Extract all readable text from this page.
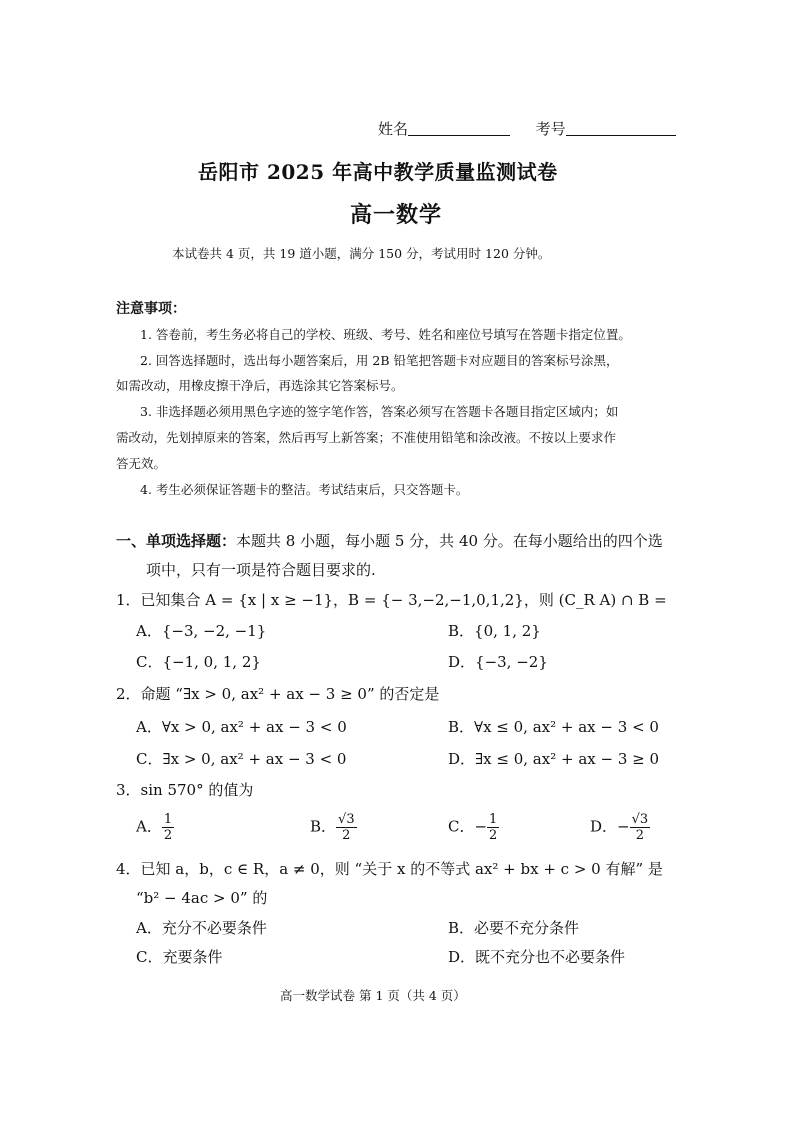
姓名	考号
岳阳市 2025 年高中教学质量监测试卷
高一数学
本试卷共 4 页，共 19 道小题，满分 150 分，考试用时 120 分钟。
注意事项：
1. 答卷前，考生务必将自己的学校、班级、考号、姓名和座位号填写在答题卡指定位置。
2. 回答选择题时，选出每小题答案后，用 2B 铅笔把答题卡对应题目的答案标号涂黑，
如需改动，用橡皮擦干净后，再选涂其它答案标号。
3. 非选择题必须用黑色字迹的签字笔作答，答案必须写在答题卡各题目指定区域内；如
需改动，先划掉原来的答案，然后再写上新答案；不准使用铅笔和涂改液。不按以上要求作
答无效。
4. 考生必须保证答题卡的整洁。考试结束后，只交答题卡。
一、单项选择题：本题共 8 小题，每小题 5 分，共 40 分。在每小题给出的四个选
项中，只有一项是符合题目要求的.
1．已知集合 A = {x | x ≥ −1}，B = {− 3,−2,−1,0,1,2}，则 (C_R A) ∩ B =
A．{−3, −2, −1}	B．{0, 1, 2}
C．{−1, 0, 1, 2}	D．{−3, −2}
2．命题 “∃x > 0, ax² + ax − 3 ≥ 0” 的否定是
A．∀x > 0, ax² + ax − 3 < 0	B．∀x ≤ 0, ax² + ax − 3 < 0
C．∃x > 0, ax² + ax − 3 < 0	D．∃x ≤ 0, ax² + ax − 3 ≥ 0
3．sin 570° 的值为
A． $\frac{1}{2}$	B． $\frac{√3}{2}$	C．− $\frac{1}{2}$	D．− $\frac{√3}{2}$
4．已知 a，b，c ∈ R，a ≠ 0，则 “关于 x 的不等式 ax² + bx + c > 0 有解” 是
“b² − 4ac > 0” 的
A．充分不必要条件	B．必要不充分条件
C．充要条件	D．既不充分也不必要条件
高一数学试卷 第 1 页（共 4 页）
